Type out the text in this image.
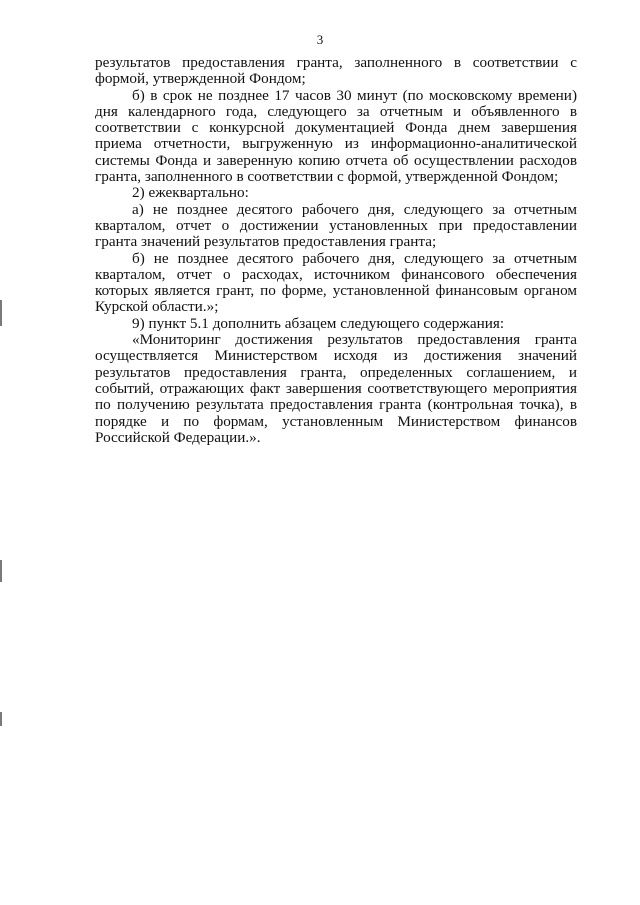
3

результатов предоставления гранта, заполненного в соответствии с формой, утвержденной Фондом;

б) в срок не позднее 17 часов 30 минут (по московскому времени) дня календарного года, следующего за отчетным и объявленного в соответствии с конкурсной документацией Фонда днем завершения приема отчетности, выгруженную из информационно-аналитической системы Фонда и заверенную копию отчета об осуществлении расходов гранта, заполненного в соответствии с формой, утвержденной Фондом;

2) ежеквартально:

а) не позднее десятого рабочего дня, следующего за отчетным кварталом, отчет о достижении установленных при предоставлении гранта значений результатов предоставления гранта;

б) не позднее десятого рабочего дня, следующего за отчетным кварталом, отчет о расходах, источником финансового обеспечения которых является грант, по форме, установленной финансовым органом Курской области.»;

9) пункт 5.1 дополнить абзацем следующего содержания:

«Мониторинг достижения результатов предоставления гранта осуществляется Министерством исходя из достижения значений результатов предоставления гранта, определенных соглашением, и событий, отражающих факт завершения соответствующего мероприятия по получению результата предоставления гранта (контрольная точка), в порядке и по формам, установленным Министерством финансов Российской Федерации.».
